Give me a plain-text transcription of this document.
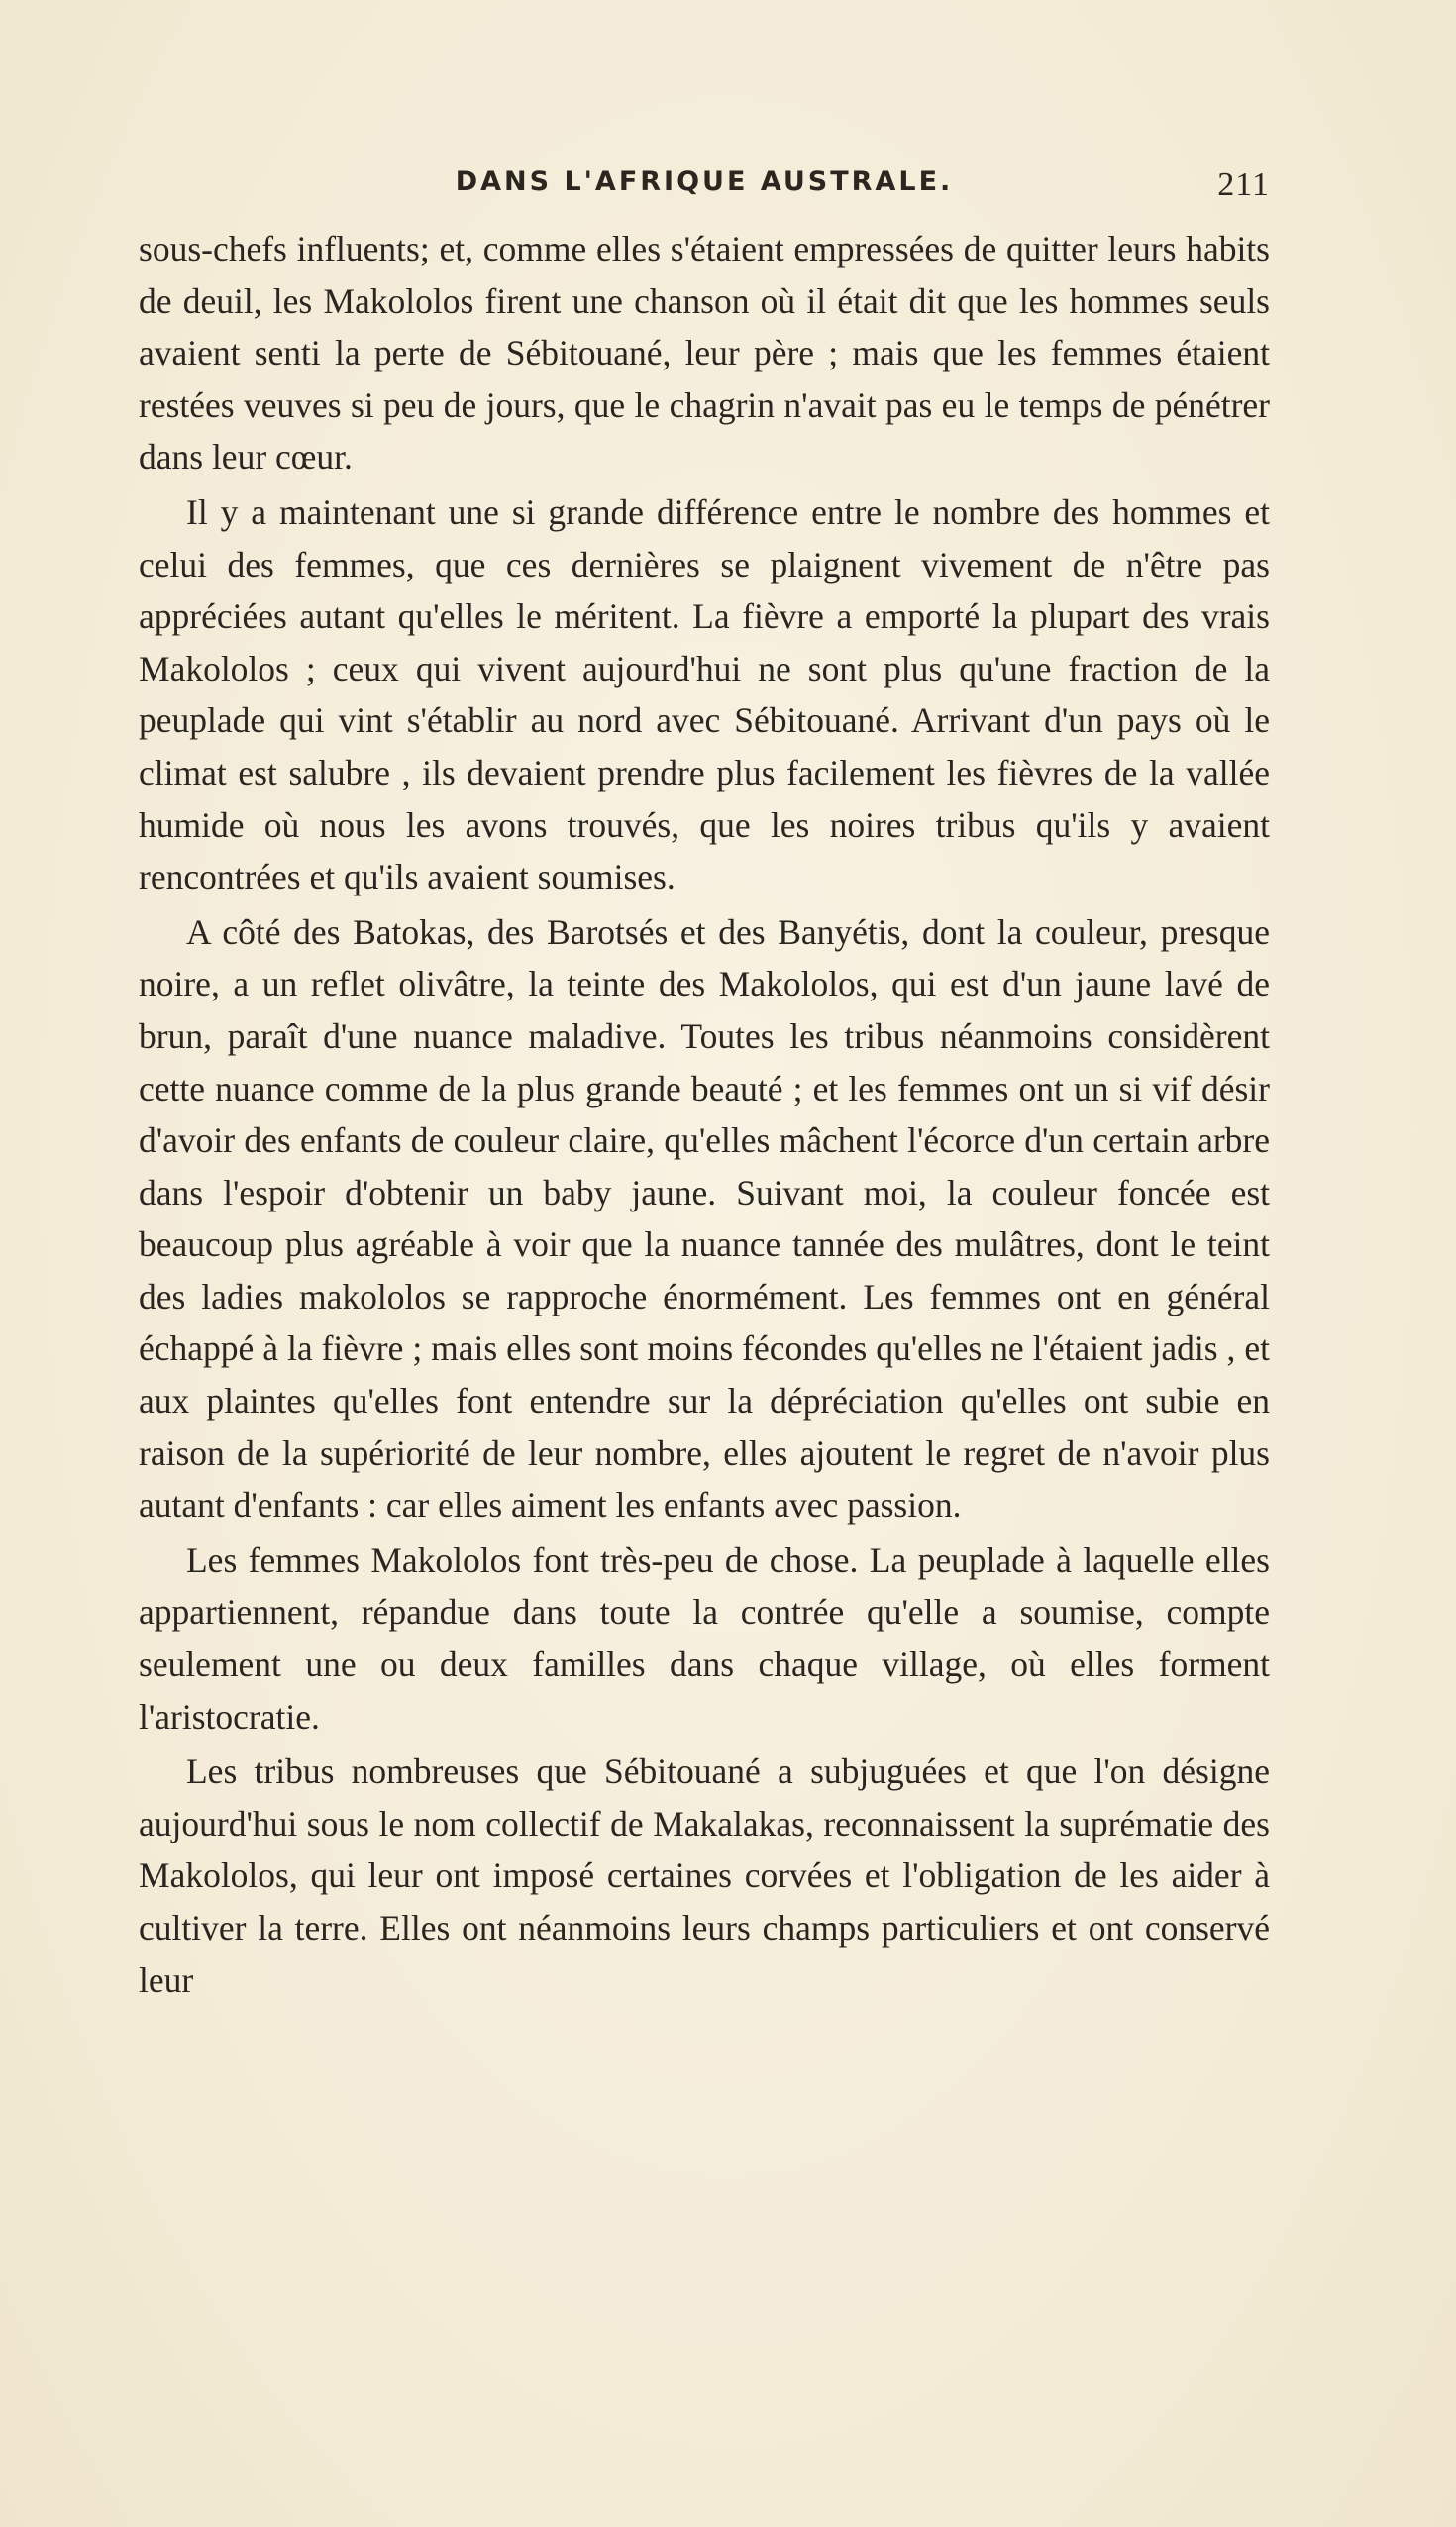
DANS L'AFRIQUE AUSTRALE.	211

sous-chefs influents; et, comme elles s'étaient empressées de quitter leurs habits de deuil, les Makololos firent une chanson où il était dit que les hommes seuls avaient senti la perte de Sébitouané, leur père ; mais que les femmes étaient restées veuves si peu de jours, que le chagrin n'avait pas eu le temps de pénétrer dans leur cœur.

Il y a maintenant une si grande différence entre le nombre des hommes et celui des femmes, que ces dernières se plaignent vivement de n'être pas appréciées autant qu'elles le méritent. La fièvre a emporté la plupart des vrais Makololos ; ceux qui vivent aujourd'hui ne sont plus qu'une fraction de la peuplade qui vint s'établir au nord avec Sébitouané. Arrivant d'un pays où le climat est salubre , ils devaient prendre plus facilement les fièvres de la vallée humide où nous les avons trouvés, que les noires tribus qu'ils y avaient rencontrées et qu'ils avaient soumises.

A côté des Batokas, des Barotsés et des Banyétis, dont la couleur, presque noire, a un reflet olivâtre, la teinte des Makololos, qui est d'un jaune lavé de brun, paraît d'une nuance maladive. Toutes les tribus néanmoins considèrent cette nuance comme de la plus grande beauté ; et les femmes ont un si vif désir d'avoir des enfants de couleur claire, qu'elles mâchent l'écorce d'un certain arbre dans l'espoir d'obtenir un baby jaune. Suivant moi, la couleur foncée est beaucoup plus agréable à voir que la nuance tannée des mulâtres, dont le teint des ladies makololos se rapproche énormément. Les femmes ont en général échappé à la fièvre ; mais elles sont moins fécondes qu'elles ne l'étaient jadis , et aux plaintes qu'elles font entendre sur la dépréciation qu'elles ont subie en raison de la supériorité de leur nombre, elles ajoutent le regret de n'avoir plus autant d'enfants : car elles aiment les enfants avec passion.

Les femmes Makololos font très-peu de chose. La peuplade à laquelle elles appartiennent, répandue dans toute la contrée qu'elle a soumise, compte seulement une ou deux familles dans chaque village, où elles forment l'aristocratie.

Les tribus nombreuses que Sébitouané a subjuguées et que l'on désigne aujourd'hui sous le nom collectif de Makalakas, reconnaissent la suprématie des Makololos, qui leur ont imposé certaines corvées et l'obligation de les aider à cultiver la terre. Elles ont néanmoins leurs champs particuliers et ont conservé leur
